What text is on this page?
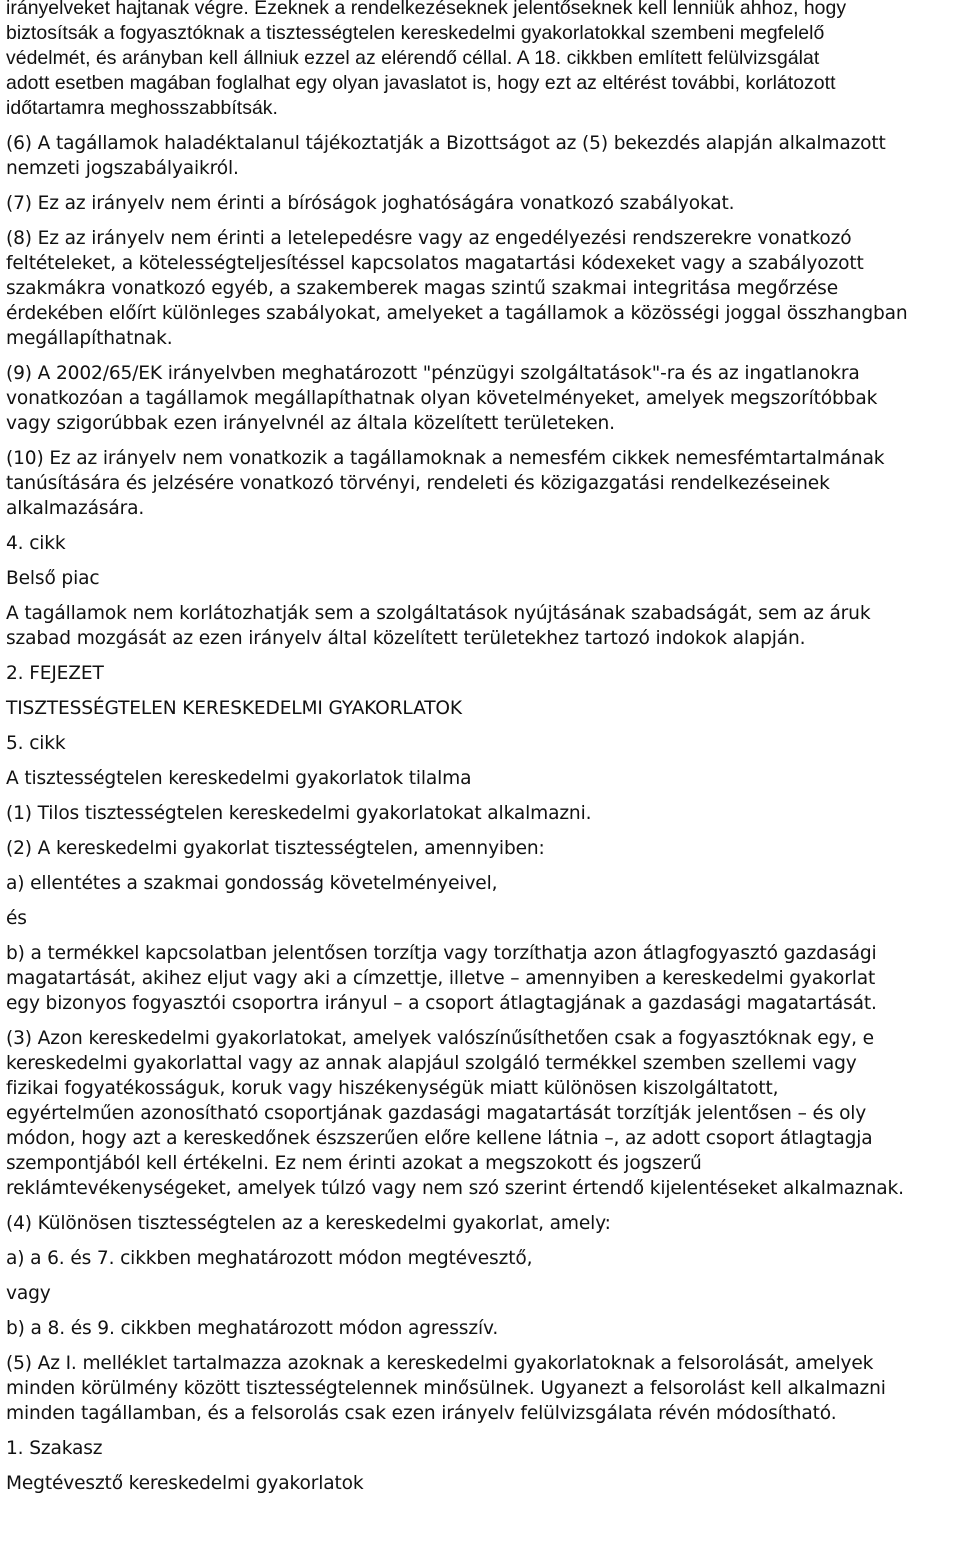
irányelveket hajtanak végre. Ezeknek a rendelkezéseknek jelentőseknek kell lenniük ahhoz, hogy
biztosítsák a fogyasztóknak a tisztességtelen kereskedelmi gyakorlatokkal szembeni megfelelő
védelmét, és arányban kell állniuk ezzel az elérendő céllal. A 18. cikkben említett felülvizsgálat
adott esetben magában foglalhat egy olyan javaslatot is, hogy ezt az eltérést további, korlátozott
időtartamra meghosszabbítsák.
(6) A tagállamok haladéktalanul tájékoztatják a Bizottságot az (5) bekezdés alapján alkalmazott
nemzeti jogszabályaikról.
(7) Ez az irányelv nem érinti a bíróságok joghatóságára vonatkozó szabályokat.
(8) Ez az irányelv nem érinti a letelepedésre vagy az engedélyezési rendszerekre vonatkozó
feltételeket, a kötelességteljesítéssel kapcsolatos magatartási kódexeket vagy a szabályozott
szakmákra vonatkozó egyéb, a szakemberek magas szintű szakmai integritása megőrzése
érdekében előírt különleges szabályokat, amelyeket a tagállamok a közösségi joggal összhangban
megállapíthatnak.
(9) A 2002/65/EK irányelvben meghatározott "pénzügyi szolgáltatások"-ra és az ingatlanokra
vonatkozóan a tagállamok megállapíthatnak olyan követelményeket, amelyek megszorítóbbak
vagy szigorúbbak ezen irányelvnél az általa közelített területeken.
(10) Ez az irányelv nem vonatkozik a tagállamoknak a nemesfém cikkek nemesfémtartalmának
tanúsítására és jelzésére vonatkozó törvényi, rendeleti és közigazgatási rendelkezéseinek
alkalmazására.
4. cikk
Belső piac
A tagállamok nem korlátozhatják sem a szolgáltatások nyújtásának szabadságát, sem az áruk
szabad mozgását az ezen irányelv által közelített területekhez tartozó indokok alapján.
2. FEJEZET
TISZTESSÉGTELEN KERESKEDELMI GYAKORLATOK
5. cikk
A tisztességtelen kereskedelmi gyakorlatok tilalma
(1) Tilos tisztességtelen kereskedelmi gyakorlatokat alkalmazni.
(2) A kereskedelmi gyakorlat tisztességtelen, amennyiben:
a) ellentétes a szakmai gondosság követelményeivel,
és
b) a termékkel kapcsolatban jelentősen torzítja vagy torzíthatja azon átlagfogyasztó gazdasági
magatartását, akihez eljut vagy aki a címzettje, illetve – amennyiben a kereskedelmi gyakorlat
egy bizonyos fogyasztói csoportra irányul – a csoport átlagtagjának a gazdasági magatartását.
(3) Azon kereskedelmi gyakorlatokat, amelyek valószínűsíthetően csak a fogyasztóknak egy, e
kereskedelmi gyakorlattal vagy az annak alapjául szolgáló termékkel szemben szellemi vagy
fizikai fogyatékosságuk, koruk vagy hiszékenységük miatt különösen kiszolgáltatott,
egyértelműen azonosítható csoportjának gazdasági magatartását torzítják jelentősen – és oly
módon, hogy azt a kereskedőnek észszerűen előre kellene látnia –, az adott csoport átlagtagja
szempontjából kell értékelni. Ez nem érinti azokat a megszokott és jogszerű
reklámtevékenységeket, amelyek túlzó vagy nem szó szerint értendő kijelentéseket alkalmaznak.
(4) Különösen tisztességtelen az a kereskedelmi gyakorlat, amely:
a) a 6. és 7. cikkben meghatározott módon megtévesztő,
vagy
b) a 8. és 9. cikkben meghatározott módon agresszív.
(5) Az I. melléklet tartalmazza azoknak a kereskedelmi gyakorlatoknak a felsorolását, amelyek
minden körülmény között tisztességtelennek minősülnek. Ugyanezt a felsorolást kell alkalmazni
minden tagállamban, és a felsorolás csak ezen irányelv felülvizsgálata révén módosítható.
1. Szakasz
Megtévesztő kereskedelmi gyakorlatok
